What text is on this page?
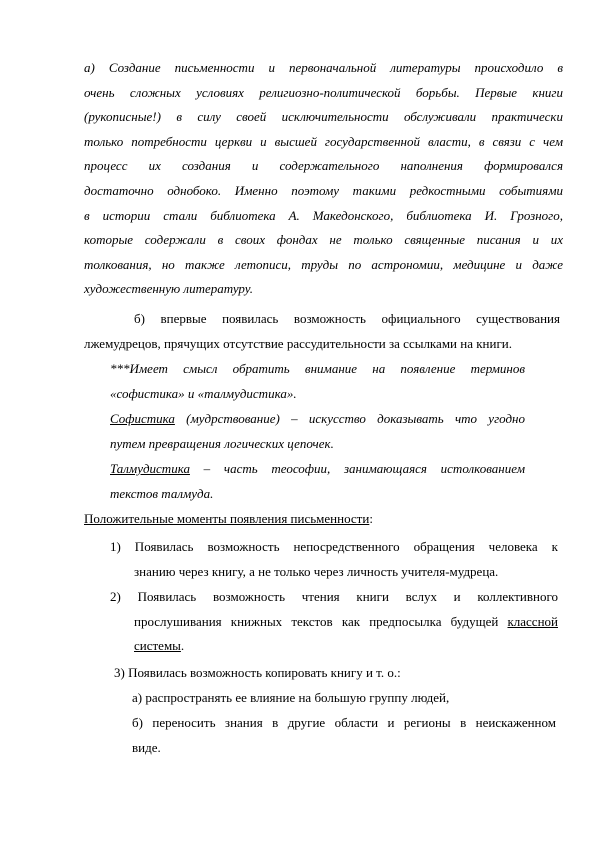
а) Создание письменности и первоначальной литературы происходило в
очень сложных условиях религиозно-политической борьбы. Первые книги
(рукописные!) в силу своей исключительности обслуживали практически
только потребности церкви и высшей государственной власти, в связи с чем
процесс их создания и содержательного наполнения формировался
достаточно однобоко. Именно поэтому такими редкостными событиями
в истории стали библиотека А. Македонского, библиотека И. Грозного,
которые содержали в своих фондах не только священные писания и их
толкования, но также летописи, труды по астрономии, медицине и даже
художественную литературу.
б) впервые появилась возможность официального существования
лжемудрецов, прячущих отсутствие рассудительности за ссылками на книги.
***Имеет смысл обратить внимание на появление терминов
«софистика» и «талмудистика».
Софистика (мудрствование) – искусство доказывать что угодно
путем превращения логических цепочек.
Талмудистика – часть теософии, занимающаяся истолкованием
текстов талмуда.
Положительные моменты появления письменности:
1) Появилась возможность непосредственного обращения человека к
знанию через книгу, а не только через личность учителя-мудреца.
2) Появилась возможность чтения книги вслух и коллективного
прослушивания книжных текстов как предпосылка будущей классной
системы.
3) Появилась возможность копировать книгу и т. о.:
а) распространять ее влияние на большую группу людей,
б) переносить знания в другие области и регионы в неискаженном
виде.
